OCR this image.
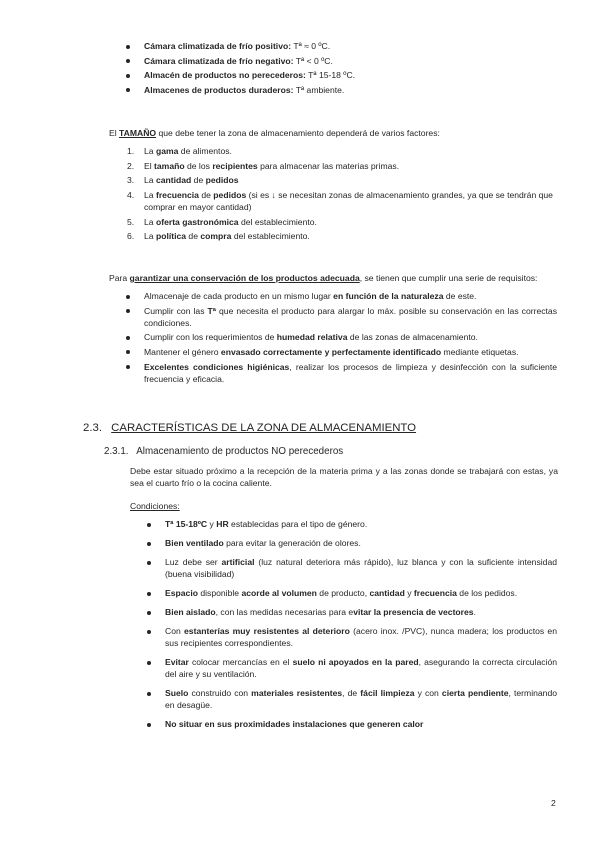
Cámara climatizada de frío positivo: Tª ≈ 0 ºC.
Cámara climatizada de frío negativo: Tª < 0 ºC.
Almacén de productos no perecederos: Tª 15-18 ºC.
Almacenes de productos duraderos: Tª ambiente.
El TAMAÑO que debe tener la zona de almacenamiento dependerá de varios factores:
1. La gama de alimentos.
2. El tamaño de los recipientes para almacenar las materias primas.
3. La cantidad de pedidos
4. La frecuencia de pedidos (si es ↓ se necesitan zonas de almacenamiento grandes, ya que se tendrán que comprar en mayor cantidad)
5. La oferta gastronómica del establecimiento.
6. La política de compra del establecimiento.
Para garantizar una conservación de los productos adecuada, se tienen que cumplir una serie de requisitos:
Almacenaje de cada producto en un mismo lugar en función de la naturaleza de este.
Cumplir con las Tª que necesita el producto para alargar lo máx. posible su conservación en las correctas condiciones.
Cumplir con los requerimientos de humedad relativa de las zonas de almacenamiento.
Mantener el género envasado correctamente y perfectamente identificado mediante etiquetas.
Excelentes condiciones higiénicas, realizar los procesos de limpieza y desinfección con la suficiente frecuencia y eficacia.
2.3. CARACTERÍSTICAS DE LA ZONA DE ALMACENAMIENTO
2.3.1. Almacenamiento de productos NO perecederos
Debe estar situado próximo a la recepción de la materia prima y a las zonas donde se trabajará con estas, ya sea el cuarto frío o la cocina caliente.
Condiciones:
Tª 15-18ºC y HR establecidas para el tipo de género.
Bien ventilado para evitar la generación de olores.
Luz debe ser artificial (luz natural deteriora más rápido), luz blanca y con la suficiente intensidad (buena visibilidad)
Espacio disponible acorde al volumen de producto, cantidad y frecuencia de los pedidos.
Bien aislado, con las medidas necesarias para evitar la presencia de vectores.
Con estanterías muy resistentes al deterioro (acero inox. /PVC), nunca madera; los productos en sus recipientes correspondientes.
Evitar colocar mercancías en el suelo ni apoyados en la pared, asegurando la correcta circulación del aire y su ventilación.
Suelo construido con materiales resistentes, de fácil limpieza y con cierta pendiente, terminando en desagüe.
No situar en sus proximidades instalaciones que generen calor
2
